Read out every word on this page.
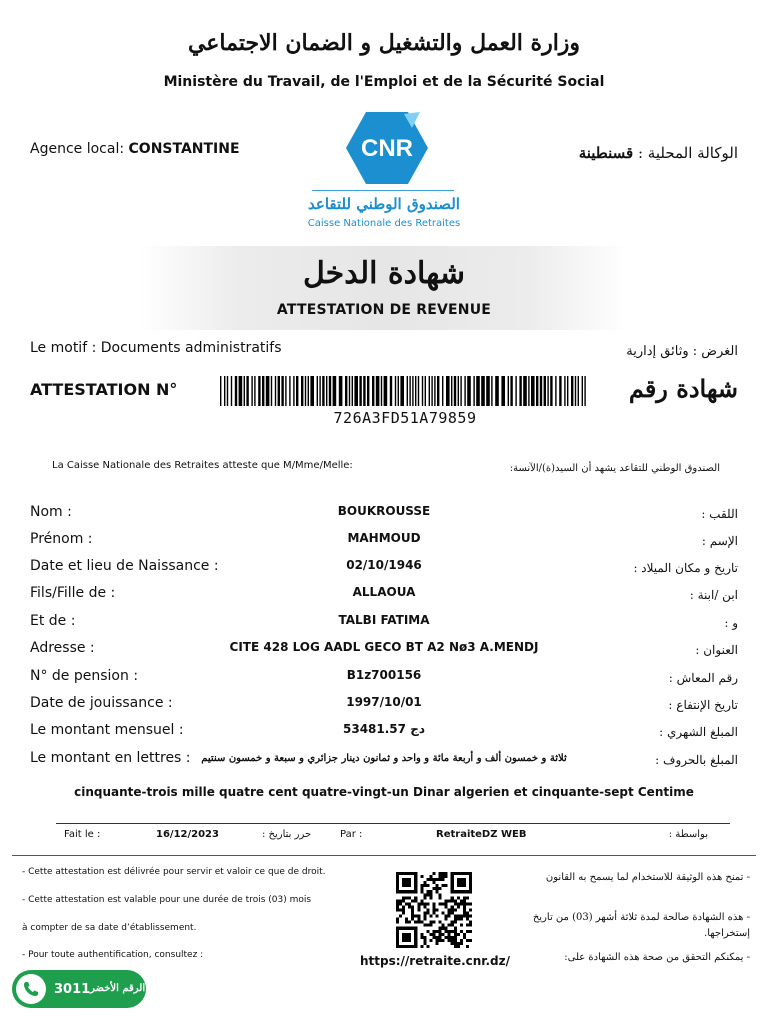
وزارة العمل والتشغيل و الضمان الاجتماعي
Ministère du Travail, de l'Emploi et de la Sécurité Social
Agence local: CONSTANTINE	الوكالة المحلية : قسنطينة
CNR
الصندوق الوطني للتقاعد
Caisse Nationale des Retraites
شهادة الدخل
ATTESTATION DE REVENUE
Le motif : Documents administratifs	الغرض : وثائق إدارية
ATTESTATION N°	شهادة رقم
726A3FD51A79859
La Caisse Nationale des Retraites atteste que M/Mme/Melle:	الصندوق الوطني للتقاعد يشهد أن السيد(ة)/الآنسة:
Nom :	BOUKROUSSE	اللقب :
Prénom :	MAHMOUD	الإسم :
Date et lieu de Naissance :	02/10/1946	تاريخ و مكان الميلاد :
Fils/Fille de :	ALLAOUA	ابن /ابنة :
Et de :	TALBI FATIMA	و :
Adresse :	CITE 428 LOG AADL GECO BT A2 Nø3 A.MENDJ	العنوان :
N° de pension :	B1z700156	رقم المعاش :
Date de jouissance :	1997/10/01	تاريخ الإنتفاع :
Le montant mensuel :	53481.57 دج	المبلغ الشهري :
Le montant en lettres :	ثلاثة و خمسون ألف و أربعة مائة و واحد و ثمانون دينار جزائري و سبعة و خمسون سنتيم	المبلغ بالحروف :
cinquante-trois mille quatre cent quatre-vingt-un Dinar algerien et cinquante-sept Centime
Fait le :	16/12/2023	حرر بتاريخ :	Par :	RetraiteDZ WEB	بواسطة :
- Cette attestation est délivrée pour servir et valoir ce que de droit.
- Cette attestation est valable pour une durée de trois (03) mois
à compter de sa date d’établissement.
- Pour toute authentification, consultez :
- تمنح هذه الوثيقة للاستخدام لما يسمح به القانون
- هذه الشهادة صالحة لمدة ثلاثة أشهر (03) من تاريخ إستخراجها.
- يمكنكم التحقق من صحة هذه الشهادة على:
https://retraite.cnr.dz/
3011 الرقم الأخضر
